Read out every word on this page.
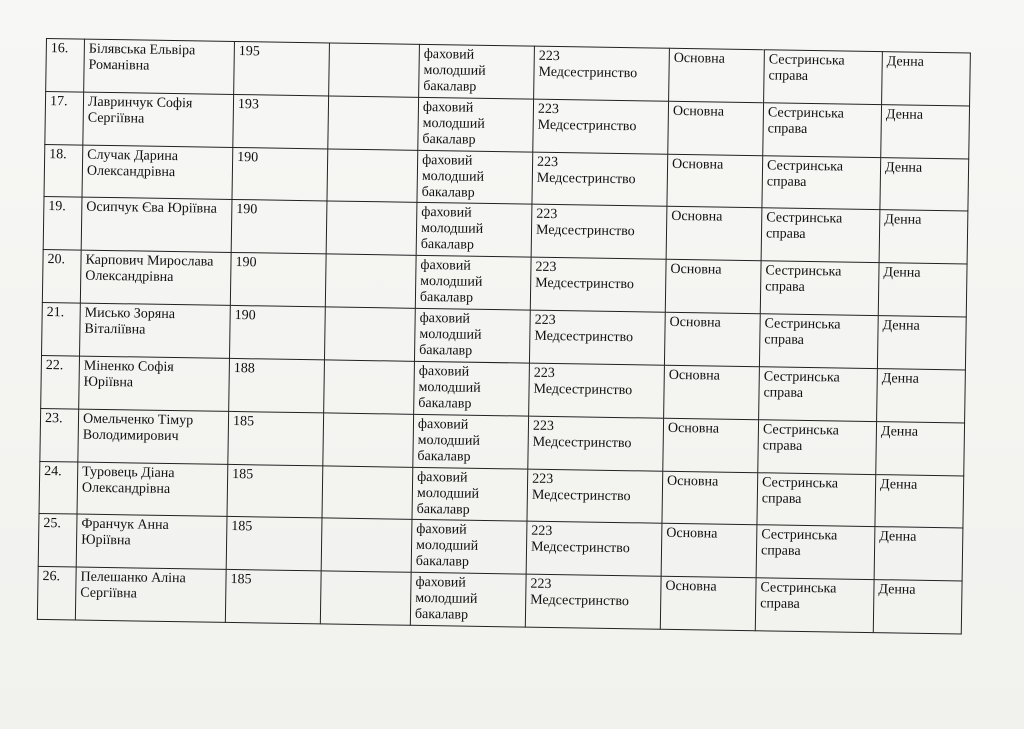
16.	Білявська Ельвіра
Романівна	195		фаховий
молодший
бакалавр	223
Медсестринство	Основна	Сестринська
справа	Денна

17.	Лавринчук Софія
Сергіївна	193		фаховий
молодший
бакалавр	223
Медсестринство	Основна	Сестринська
справа	Денна

18.	Случак Дарина
Олександрівна	190		фаховий
молодший
бакалавр	223
Медсестринство	Основна	Сестринська
справа	Денна

19.	Осипчук Єва Юріївна	190		фаховий
молодший
бакалавр	223
Медсестринство	Основна	Сестринська
справа	Денна

20.	Карпович Мирослава
Олександрівна	190		фаховий
молодший
бакалавр	223
Медсестринство	Основна	Сестринська
справа	Денна

21.	Мисько Зоряна
Віталіївна	190		фаховий
молодший
бакалавр	223
Медсестринство	Основна	Сестринська
справа	Денна

22.	Міненко Софія
Юріївна	188		фаховий
молодший
бакалавр	223
Медсестринство	Основна	Сестринська
справа	Денна

23.	Омельченко Тімур
Володимирович	185		фаховий
молодший
бакалавр	223
Медсестринство	Основна	Сестринська
справа	Денна

24.	Туровець Діана
Олександрівна	185		фаховий
молодший
бакалавр	223
Медсестринство	Основна	Сестринська
справа	Денна

25.	Франчук Анна
Юріївна	185		фаховий
молодший
бакалавр	223
Медсестринство	Основна	Сестринська
справа	Денна

26.	Пелешанко Аліна
Сергіївна	185		фаховий
молодший
бакалавр	223
Медсестринство	Основна	Сестринська
справа	Денна
